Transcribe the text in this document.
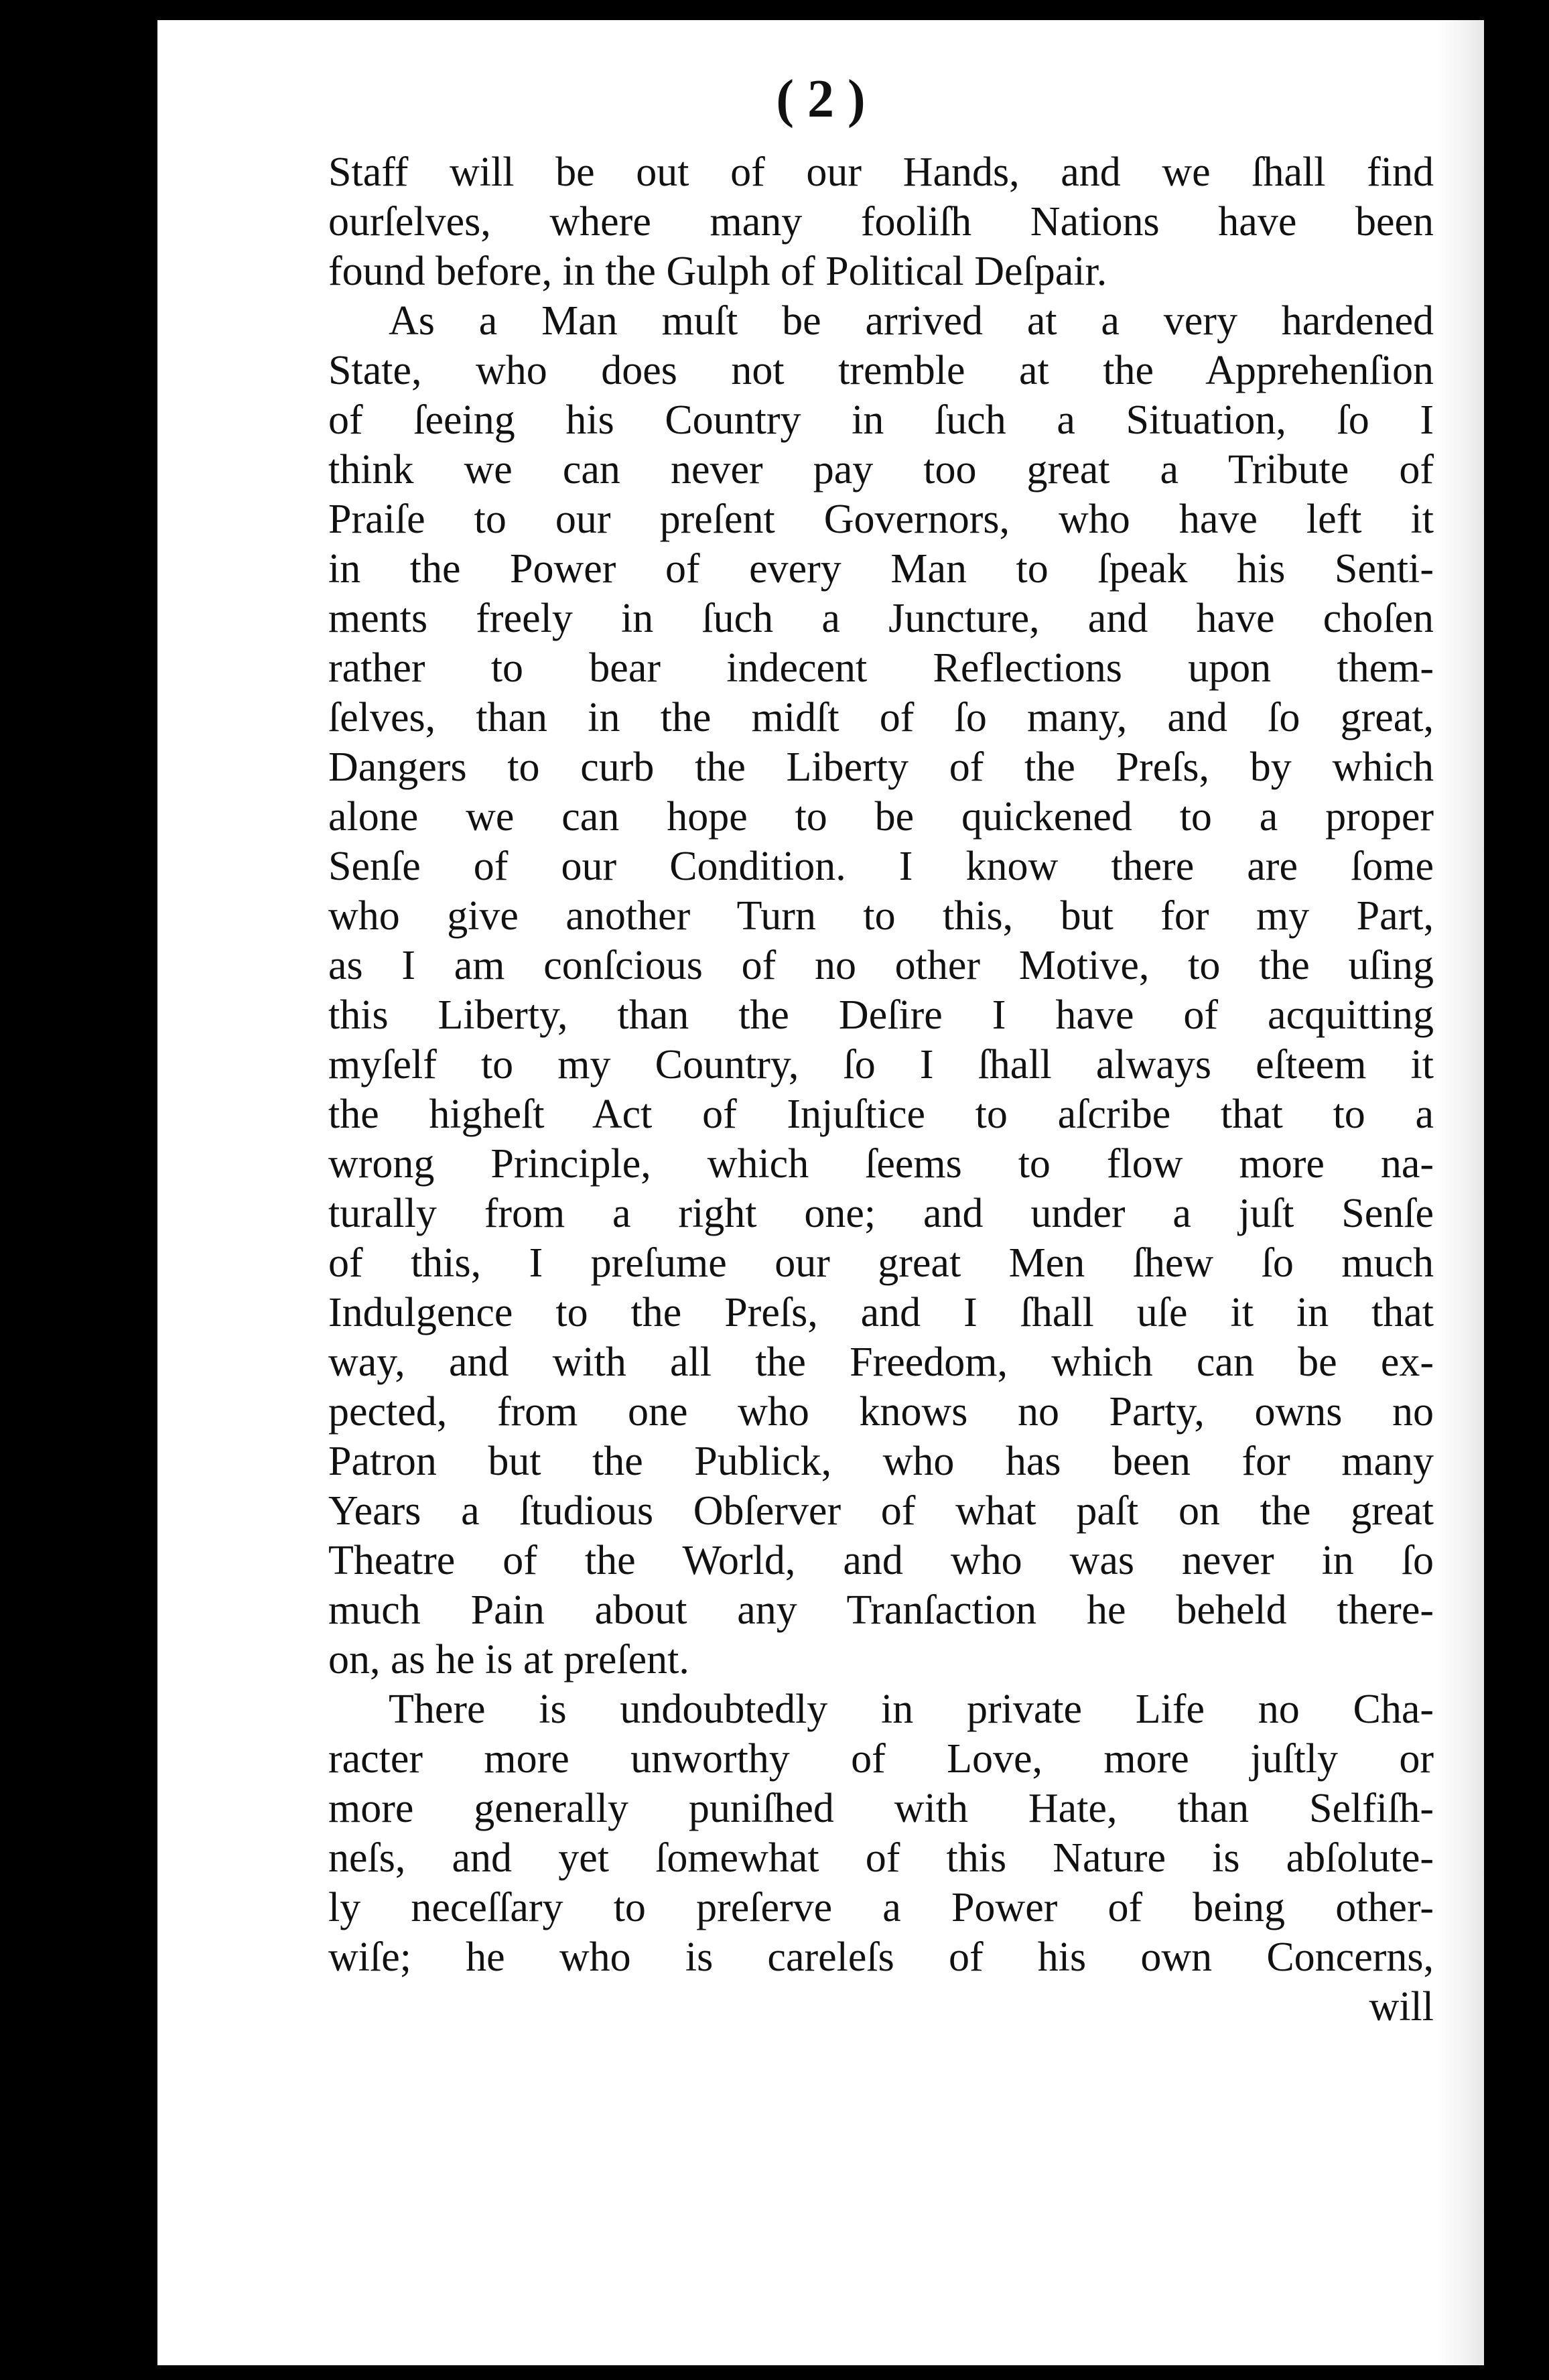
( 2 )
Staff will be out of our Hands, and we ſhall find
ourſelves, where many fooliſh Nations have been
found before, in the Gulph of Political Deſpair.
As a Man muſt be arrived at a very hardened
State, who does not tremble at the Apprehenſion
of ſeeing his Country in ſuch a Situation, ſo I
think we can never pay too great a Tribute of
Praiſe to our preſent Governors, who have left it
in the Power of every Man to ſpeak his Senti-
ments freely in ſuch a Juncture, and have choſen
rather to bear indecent Reflections upon them-
ſelves, than in the midſt of ſo many, and ſo great,
Dangers to curb the Liberty of the Preſs, by which
alone we can hope to be quickened to a proper
Senſe of our Condition. I know there are ſome
who give another Turn to this, but for my Part,
as I am conſcious of no other Motive, to the uſing
this Liberty, than the Deſire I have of acquitting
myſelf to my Country, ſo I ſhall always eſteem it
the higheſt Act of Injuſtice to aſcribe that to a
wrong Principle, which ſeems to flow more na-
turally from a right one; and under a juſt Senſe
of this, I preſume our great Men ſhew ſo much
Indulgence to the Preſs, and I ſhall uſe it in that
way, and with all the Freedom, which can be ex-
pected, from one who knows no Party, owns no
Patron but the Publick, who has been for many
Years a ſtudious Obſerver of what paſt on the great
Theatre of the World, and who was never in ſo
much Pain about any Tranſaction he beheld there-
on, as he is at preſent.
There is undoubtedly in private Life no Cha-
racter more unworthy of Love, more juſtly or
more generally puniſhed with Hate, than Selfiſh-
neſs, and yet ſomewhat of this Nature is abſolute-
ly neceſſary to preſerve a Power of being other-
wiſe; he who is careleſs of his own Concerns,
will
